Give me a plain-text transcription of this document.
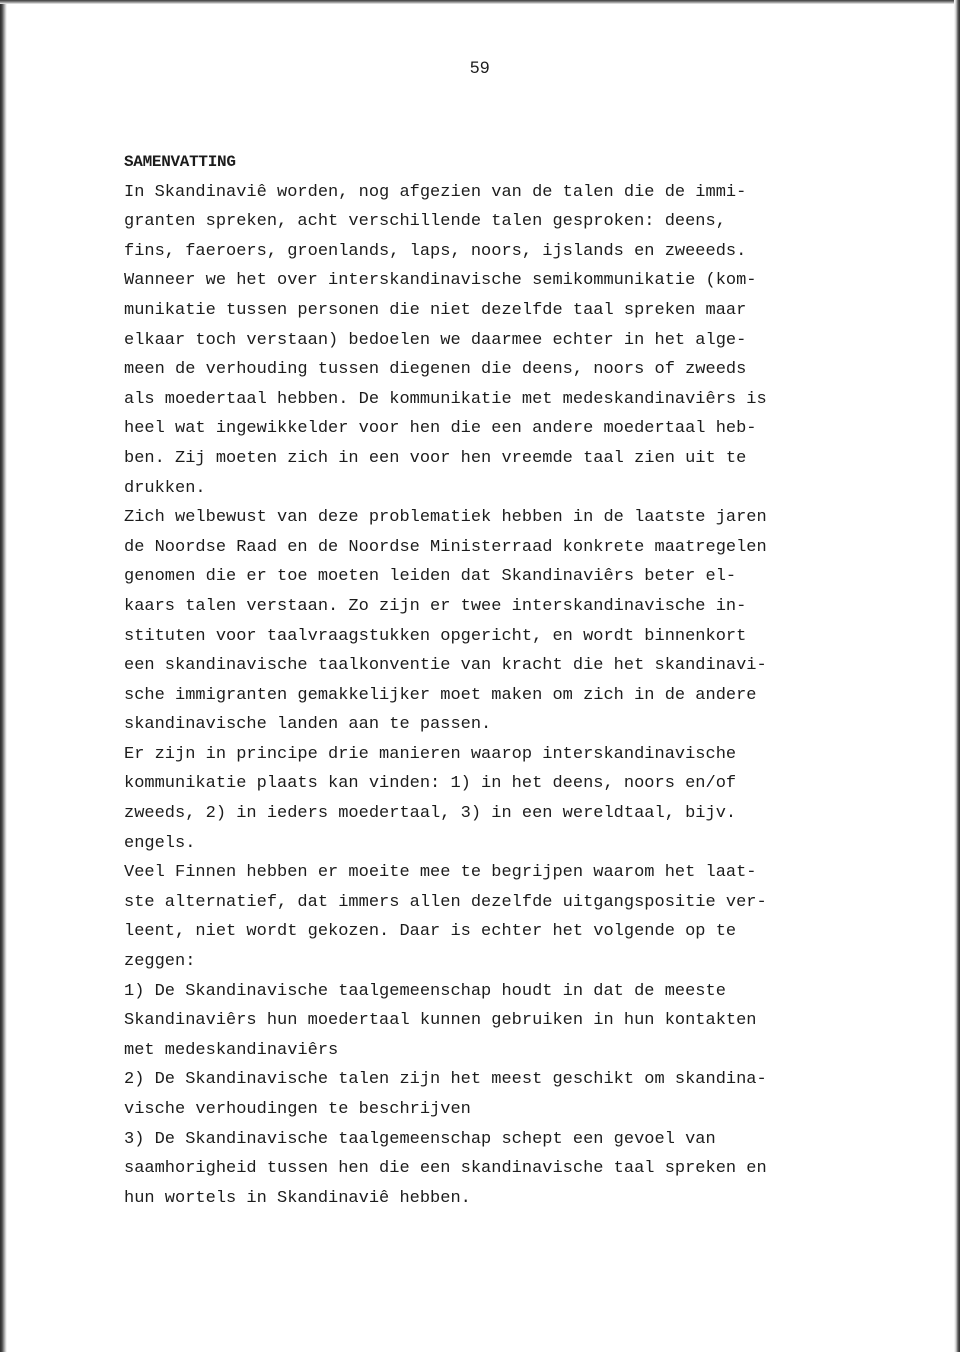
59
SAMENVATTING
In Skandinaviê worden, nog afgezien van de talen die de immi-
granten spreken, acht verschillende talen gesproken: deens,
fins, faeroers, groenlands, laps, noors, ijslands en zweeeds.
Wanneer we het over interskandinavische semikommunikatie (kom-
munikatie tussen personen die niet dezelfde taal spreken maar
elkaar toch verstaan) bedoelen we daarmee echter in het alge-
meen de verhouding tussen diegenen die deens, noors of zweeds
als moedertaal hebben. De kommunikatie met medeskandinaviêrs is
heel wat ingewikkelder voor hen die een andere moedertaal heb-
ben. Zij moeten zich in een voor hen vreemde taal zien uit te
drukken.
Zich welbewust van deze problematiek hebben in de laatste jaren
de Noordse Raad en de Noordse Ministerraad konkrete maatregelen
genomen die er toe moeten leiden dat Skandinaviêrs beter el-
kaars talen verstaan. Zo zijn er twee interskandinavische in-
stituten voor taalvraagstukken opgericht, en wordt binnenkort
een skandinavische taalkonventie van kracht die het skandinavi-
sche immigranten gemakkelijker moet maken om zich in de andere
skandinavische landen aan te passen.
Er zijn in principe drie manieren waarop interskandinavische
kommunikatie plaats kan vinden: 1) in het deens, noors en/of
zweeds, 2) in ieders moedertaal, 3) in een wereldtaal, bijv.
engels.
Veel Finnen hebben er moeite mee te begrijpen waarom het laat-
ste alternatief, dat immers allen dezelfde uitgangspositie ver-
leent, niet wordt gekozen. Daar is echter het volgende op te
zeggen:
1) De Skandinavische taalgemeenschap houdt in dat de meeste
Skandinaviêrs hun moedertaal kunnen gebruiken in hun kontakten
met medeskandinaviêrs
2) De Skandinavische talen zijn het meest geschikt om skandina-
vische verhoudingen te beschrijven
3) De Skandinavische taalgemeenschap schept een gevoel van
saamhorigheid tussen hen die een skandinavische taal spreken en
hun wortels in Skandinaviê hebben.
